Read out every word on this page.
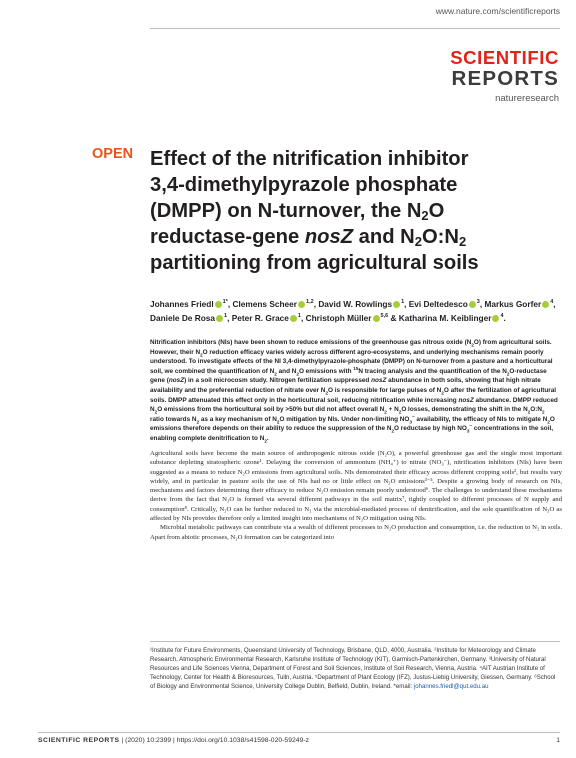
www.nature.com/scientificreports
SCIENTIFIC
REPORTS
natureresearch
OPEN Effect of the nitrification inhibitor
3,4-dimethylpyrazole phosphate
(DMPP) on N-turnover, the $N_2O$
reductase-gene nosZ and $N_2O:N_2$
partitioning from agricultural soils
Johannes Friedl $^{1*}$, Clemens Scheer $^{1,2}$, David W. Rowlings $^1$, Evi Deltedesco $^3$, Markus Gorfer $^4$, Daniele De Rosa $^1$, Peter R. Grace $^1$, Christoph Müller $^{5,6}$ & Katharina M. Keiblinger $^4$.
Nitrification inhibitors (NIs) have been shown to reduce emissions of the greenhouse gas nitrous oxide $(N_2O)$ from agricultural soils. However, their $N_2O$ reduction efficacy varies widely across different agro-ecosystems, and underlying mechanisms remain poorly understood. To investigate effects of the NI 3,4-dimethylpyrazole-phosphate (DMPP) on N-turnover from a pasture and a horticultural soil, we combined the quantification of $N_2$ and $N_2O$ emissions with $^{15}$N tracing analysis and the quantification of the $N_2O$-reductase gene (nosZ) in a soil microcosm study. Nitrogen fertilization suppressed nosZ abundance in both soils, showing that high nitrate availability and the preferential reduction of nitrate over $N_2O$ is responsible for large pulses of $N_2O$ after the fertilization of agricultural soils. DMPP attenuated this effect only in the horticultural soil, reducing nitrification while increasing nosZ abundance. DMPP reduced $N_2O$ emissions from the horticultural soil by >50% but did not affect overall $N_2 + N_2O$ losses, demonstrating the shift in the $N_2O:N_2$ ratio towards $N_2$ as a key mechanism of $N_2O$ mitigation by NIs. Under non-limiting $NO_3^-$ availability, the efficacy of NIs to mitigate $N_2O$ emissions therefore depends on their ability to reduce the suppression of the $N_2O$ reductase by high $NO_3^-$ concentrations in the soil, enabling complete denitrification to $N_2$.

Agricultural soils have become the main source of anthropogenic nitrous oxide (N₂O), a powerful greenhouse gas and the single most important substance depleting stratospheric ozone¹. Delaying the conversion of ammonium (NH₄⁺) to nitrate (NO₃⁻), nitrification inhibitors (NIs) have been suggested as a means to reduce N₂O emissions from agricultural soils. NIs demonstrated their efficacy across different cropping soils², but results vary widely, and in particular in pasture soils the use of NIs had no or little effect on N₂O emissions³⁻⁵. Despite a growing body of research on NIs, mechanisms and factors determining their efficacy to reduce N₂O emission remain poorly understood⁶. The challenges to understand these mechanisms derive from the fact that N₂O is formed via several different pathways in the soil matrix⁷, tightly coupled to different processes of N supply and consumption⁸. Critically, N₂O can be further reduced to N₂ via the microbial-mediated process of denitrification, and the sole quantification of N₂O as affected by NIs provides therefore only a limited insight into mechanisms of N₂O mitigation using NIs.

Microbial metabolic pathways can contribute via a wealth of different processes to N₂O production and consumption, i.e. the reduction to N₂ in soils. Apart from abiotic processes, N₂O formation can be categorized into

¹Institute for Future Environments, Queensland University of Technology, Brisbane, QLD, 4000, Australia. ²Institute for Meteorology and Climate Research, Atmospheric Environmental Research, Karlsruhe Institute of Technology (KIT), Garmisch-Partenkirchen, Germany. ³University of Natural Resources and Life Sciences Vienna, Department of Forest and Soil Sciences, Institute of Soil Research, Vienna, Austria. ⁴AIT Austrian Institute of Technology, Center for Health & Bioresources, Tulln, Austria. ⁵Department of Plant Ecology (IFZ), Justus-Liebig University, Giessen, Germany. ⁶School of Biology and Environmental Science, University College Dublin, Belfield, Dublin, Ireland. *email: johannes.friedl@qut.edu.au
SCIENTIFIC REPORTS | (2020) 10:2399 | https://doi.org/10.1038/s41598-020-59249-z	1
